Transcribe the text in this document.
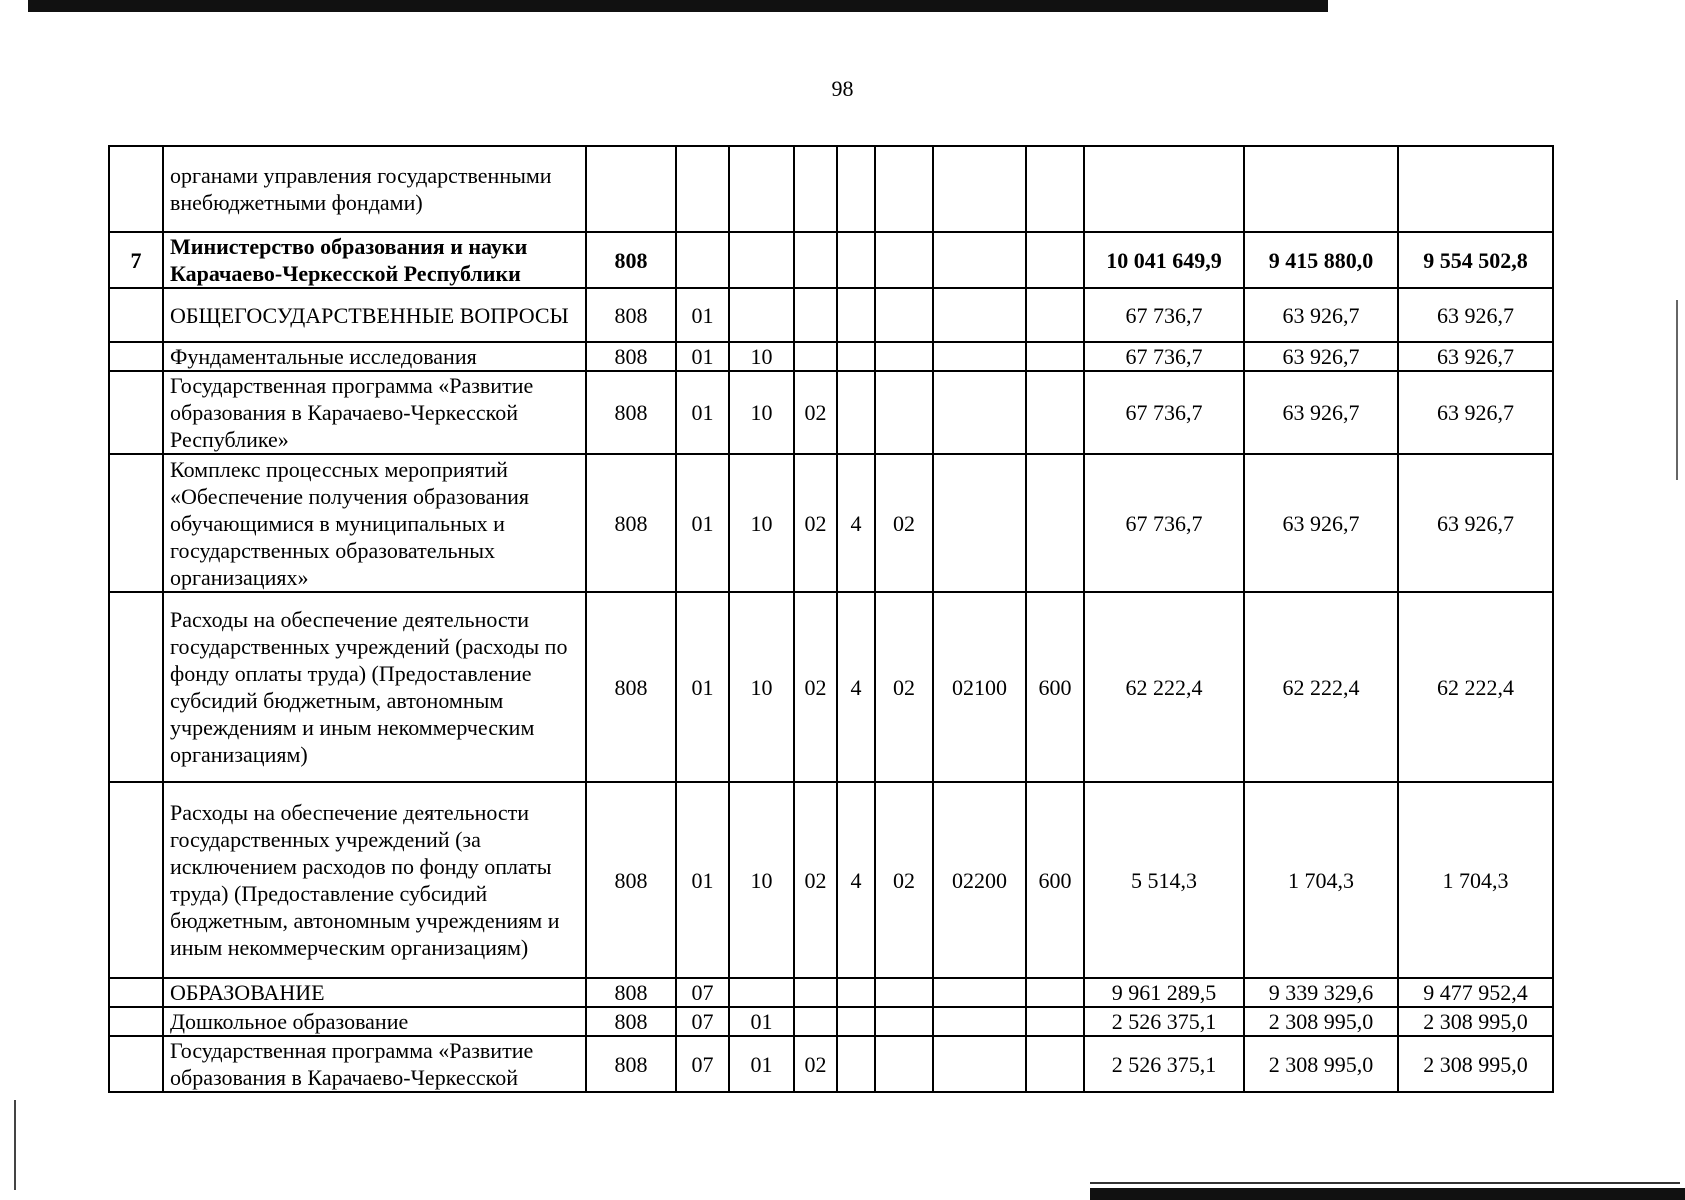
98
	органами управления государственными внебюджетными фондами)											
7	Министерство образования и науки Карачаево-Черкесской Республики	808								10 041 649,9	9 415 880,0	9 554 502,8
	ОБЩЕГОСУДАРСТВЕННЫЕ ВОПРОСЫ	808	01							67 736,7	63 926,7	63 926,7
	Фундаментальные исследования	808	01	10						67 736,7	63 926,7	63 926,7
	Государственная программа «Развитие образования в Карачаево-Черкесской Республике»	808	01	10	02					67 736,7	63 926,7	63 926,7
	Комплекс процессных мероприятий «Обеспечение получения образования обучающимися в муниципальных и государственных образовательных организациях»	808	01	10	02	4	02			67 736,7	63 926,7	63 926,7
	Расходы на обеспечение деятельности государственных учреждений (расходы по фонду оплаты труда) (Предоставление субсидий бюджетным, автономным учреждениям и иным некоммерческим организациям)	808	01	10	02	4	02	02100	600	62 222,4	62 222,4	62 222,4
	Расходы на обеспечение деятельности государственных учреждений (за исключением расходов по фонду оплаты труда) (Предоставление субсидий бюджетным, автономным учреждениям и иным некоммерческим организациям)	808	01	10	02	4	02	02200	600	5 514,3	1 704,3	1 704,3
	ОБРАЗОВАНИЕ	808	07							9 961 289,5	9 339 329,6	9 477 952,4
	Дошкольное образование	808	07	01						2 526 375,1	2 308 995,0	2 308 995,0
	Государственная программа «Развитие образования в Карачаево-Черкесской	808	07	01	02					2 526 375,1	2 308 995,0	2 308 995,0
